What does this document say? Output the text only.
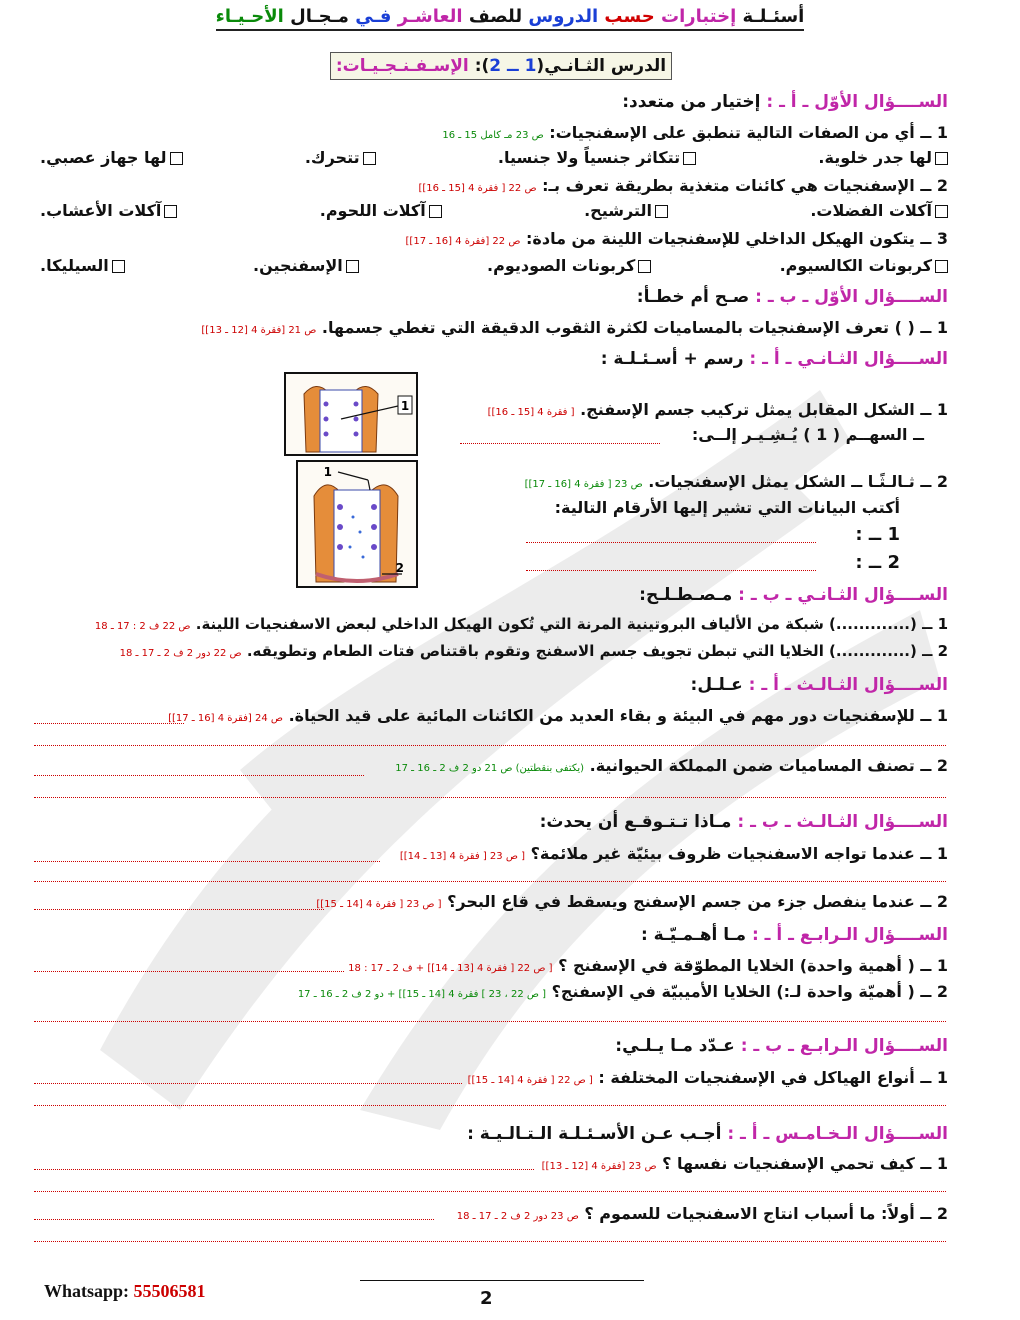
أسئـلـة إختبارات حسب الدروس للصف العاشـر فـي مـجـال الأحـيـاء
الدرس الثـانـي(1 ــ 2): الإسـفـنـجـيـات:
الســــؤال الأوّل ـ أ ـ : إختيار من متعدد:
1 ــ أي من الصفات التالية تنطبق على الإسفنجيات: ص 23 مـ كامل 15 ـ 16
لها جدر خلوية.
تتكاثر جنسياً ولا جنسيا.
تتحرك.
لها جهاز عصبي.
2 ــ الإسفنجيات هي كائنات متغذية بطريقة تعرف بـ: ص 22 [ فقرة 4 [15 ـ 16]]
آكلات الفضلات.
الترشيح.
آكلات اللحوم.
آكلات الأعشاب.
3 ــ يتكون الهيكل الداخلي للإسفنجيات اللينة من مادة: ص 22 [فقرة 4 [16 ـ 17]]
كربونات الكالسيوم.
كربونات الصوديوم.
الإسفنجين.
السيليكا.
الســــؤال الأوّل ـ ب ـ : صـح أم خطـأ:
1 ــ ( ) تعرف الإسفنجيات بالمساميات لكثرة الثقوب الدقيقة التي تغطي جسمها. ص 21 [فقرة 4 [12 ـ 13]]
الســــؤال الثـانـي ـ أ ـ : رسم + أسـئـلـة :
1
1
2
1 ــ الشكل المقابل يمثل تركيب جسم الإسفنج. [ فقرة 4 [15 ـ 16]]
ــ السهــم ( 1 ) يُـشِـيـر إلــى:
2 ــ ثـالـثًـا ــ الشكل يمثل الإسفنجيات. ص 23 [ فقرة 4 [16 ـ 17]]
أكتب البيانات التي تشير إليها الأرقام التالية:
1 ــ :
2 ــ :
الســــؤال الثـانـي ـ ب ـ : مـصـطـلـح:
1 ــ (.............) شبكة من الألياف البروتينية المرنة التي تُكون الهيكل الداخلي لبعض الاسفنجيات اللينة. ص 22 ف 2 : 17 ـ 18
2 ــ (.............) الخلايا التي تبطن تجويف جسم الاسفنج وتقوم باقتناص فتات الطعام وتطويقه. ص 22 دور 2 ف 2 ـ 17 ـ 18
الســــؤال الثـالـث ـ أ ـ : عـلـل:
1 ــ للإسفنجيات دور مهم في البيئة و بقاء العديد من الكائنات المائية على قيد الحياة. ص 24 [فقرة 4 [16 ـ 17]]
2 ــ تصنف المساميات ضمن المملكة الحيوانية. (يكتفى بنقطتين) ص 21 دو 2 ف 2 ـ 16 ـ 17
الســــؤال الثـالـث ـ ب ـ : مـاذا تـتـوقـع أن يحدث:
1 ــ عندما تواجه الاسفنجيات ظروف بيئيّة غير ملائمة؟ [ ص 23 [ فقرة 4 [13 ـ 14]]
2 ــ عندما ينفصل جزء من جسم الإسفنج ويسقط في قاع البحر؟ [ ص 23 [ فقرة 4 [14 ـ 15]]
الســــؤال الـرابـع ـ أ ـ : مـا أهـمـيّـة :
1 ــ ( أهمية واحدة) الخلايا المطوّقة في الإسفنج ؟ [ ص 22 [ فقرة 4 [13 ـ 14]] + ف 2 ـ 17 : 18
2 ــ ( أهميّة واحدة لـ:) الخلايا الأميبيّة في الإسفنج؟ [ ص 22 ، 23 ] فقرة 4 [14 ـ 15]] + دو 2 ف 2 ـ 16 ـ 17
الســــؤال الـرابـع ـ ب ـ : عـدّد مـا يـلـي:
1 ــ أنواع الهياكل في الإسفنجيات المختلفة : [ ص 22 [ فقرة 4 [14 ـ 15]]
الســــؤال الـخـامـس ـ أ ـ : أجـب عـن الأسـئـلـة الـتـالـيـة :
1 ــ كيف تحمي الإسفنجيات نفسها ؟ ص 23 [فقرة 4 [12 ـ 13]]
2 ــ أولاً: ما أسباب انتاج الاسفنجيات للسموم ؟ ص 23 دور 2 ف 2 ـ 17 ـ 18
2
Whatsapp: 55506581
